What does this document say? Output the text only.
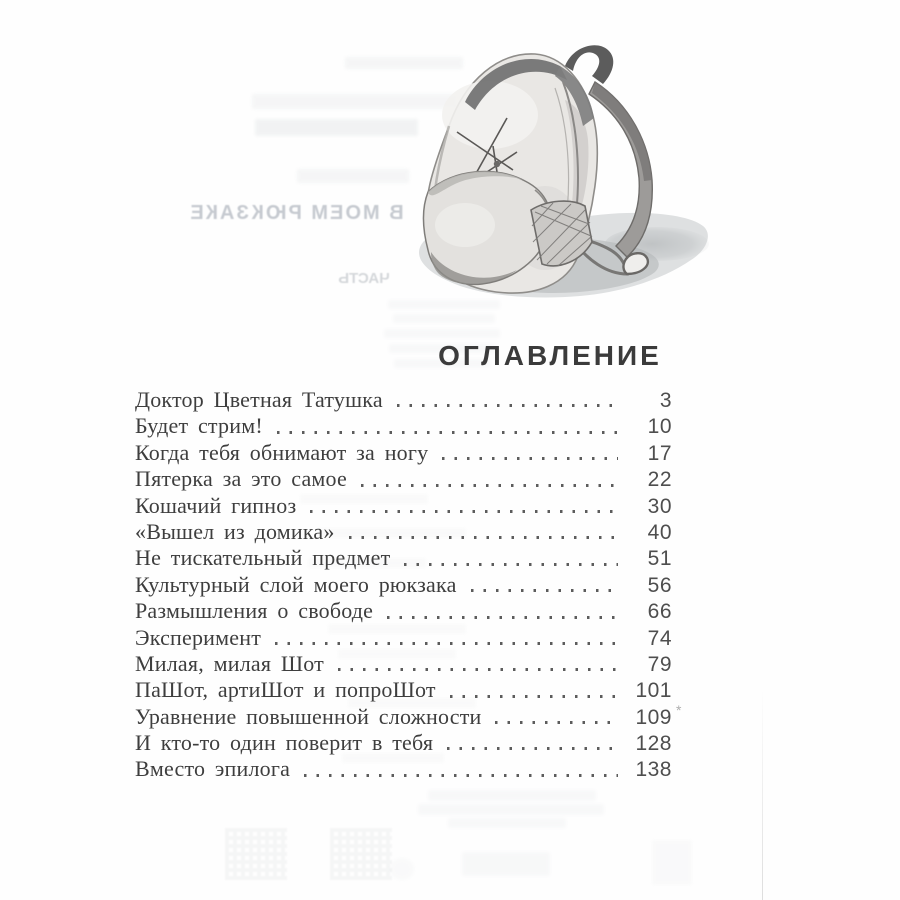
В МОЕМ РЮКЗАКЕ
ЧАСТЬ
ОГЛАВЛЕНИЕ
Доктор Цветная Татушка	3
Будет стрим!	10
Когда тебя обнимают за ногу	17
Пятерка за это самое	22
Кошачий гипноз	30
«Вышел из домика»	40
Не тискательный предмет	51
Культурный слой моего рюкзака	56
Размышления о свободе	66
Эксперимент	74
Милая, милая Шот	79
ПаШот, артиШот и попроШот	101
Уравнение повышенной сложности	109
И кто-то один поверит в тебя	128
Вместо эпилога	138
*
